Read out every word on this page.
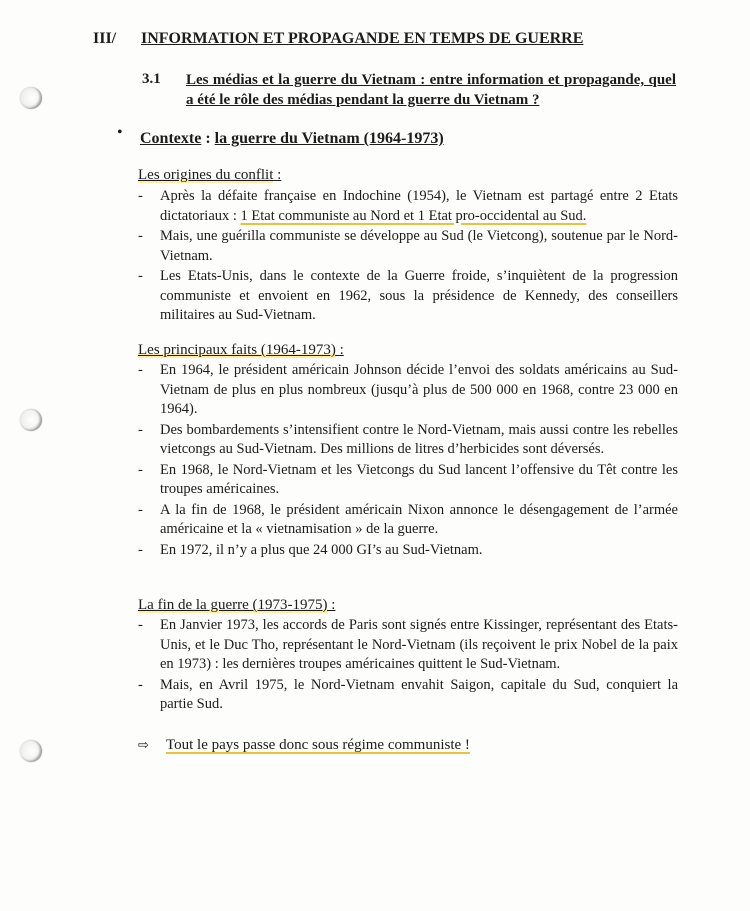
III/ INFORMATION ET PROPAGANDE EN TEMPS DE GUERRE
3.1 Les médias et la guerre du Vietnam : entre information et propagande, quel a été le rôle des médias pendant la guerre du Vietnam ?
• Contexte : la guerre du Vietnam (1964-1973)
Les origines du conflit :
- Après la défaite française en Indochine (1954), le Vietnam est partagé entre 2 Etats dictatoriaux : 1 Etat communiste au Nord et 1 Etat pro-occidental au Sud.
- Mais, une guérilla communiste se développe au Sud (le Vietcong), soutenue par le Nord-Vietnam.
- Les Etats-Unis, dans le contexte de la Guerre froide, s’inquiètent de la progression communiste et envoient en 1962, sous la présidence de Kennedy, des conseillers militaires au Sud-Vietnam.
Les principaux faits (1964-1973) :
- En 1964, le président américain Johnson décide l’envoi des soldats américains au Sud-Vietnam de plus en plus nombreux (jusqu’à plus de 500 000 en 1968, contre 23 000 en 1964).
- Des bombardements s’intensifient contre le Nord-Vietnam, mais aussi contre les rebelles vietcongs au Sud-Vietnam. Des millions de litres d’herbicides sont déversés.
- En 1968, le Nord-Vietnam et les Vietcongs du Sud lancent l’offensive du Têt contre les troupes américaines.
- A la fin de 1968, le président américain Nixon annonce le désengagement de l’armée américaine et la « vietnamisation » de la guerre.
- En 1972, il n’y a plus que 24 000 GI’s au Sud-Vietnam.
La fin de la guerre (1973-1975) :
- En Janvier 1973, les accords de Paris sont signés entre Kissinger, représentant des Etats-Unis, et le Duc Tho, représentant le Nord-Vietnam (ils reçoivent le prix Nobel de la paix en 1973) : les dernières troupes américaines quittent le Sud-Vietnam.
- Mais, en Avril 1975, le Nord-Vietnam envahit Saigon, capitale du Sud, conquiert la partie Sud.
⇨ Tout le pays passe donc sous régime communiste !
